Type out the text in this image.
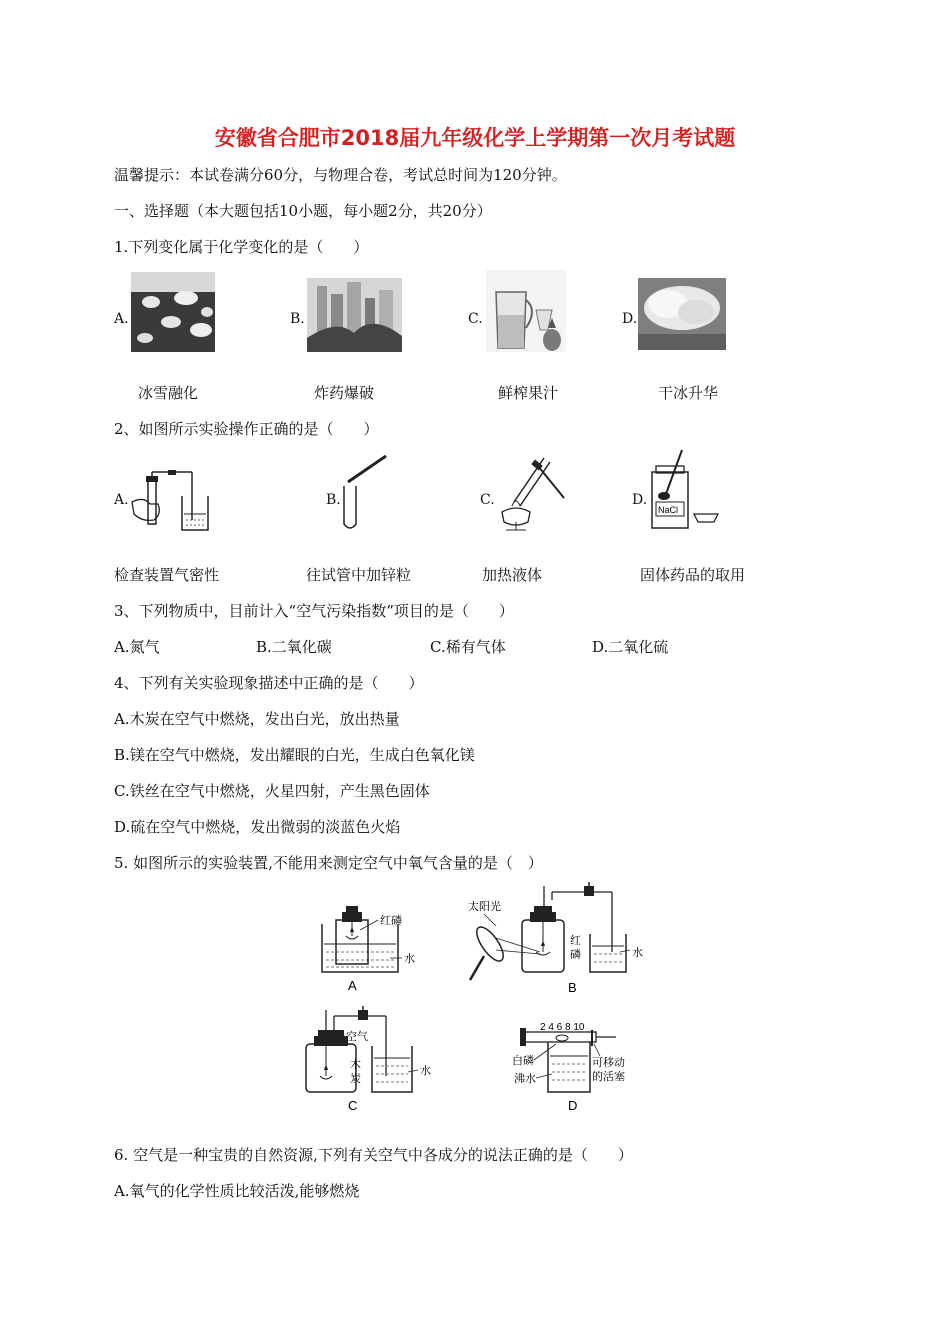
安徽省合肥市2018届九年级化学上学期第一次月考试题
温馨提示：本试卷满分60分，与物理合卷，考试总时间为120分钟。
一、选择题（本大题包括10小题，每小题2分，共20分）
1.下列变化属于化学变化的是（　　）
A.
冰雪融化
B.
炸药爆破
C.
鲜榨果汁
D.
干冰升华
2、如图所示实验操作正确的是（　　）
A.
检查装置气密性
B.
往试管中加锌粒
C.
加热液体
D.
NaCl
固体药品的取用
3、下列物质中，目前计入“空气污染指数”项目的是（　　）
A.氮气	B.二氧化碳	C.稀有气体	D.二氧化硫
4、下列有关实验现象描述中正确的是（　　）
A.木炭在空气中燃烧，发出白光，放出热量
B.镁在空气中燃烧，发出耀眼的白光，生成白色氧化镁
C.铁丝在空气中燃烧，火星四射，产生黑色固体
D.硫在空气中燃烧，发出微弱的淡蓝色火焰
5. 如图所示的实验装置,不能用来测定空气中氧气含量的是（　）
红磷
水
A
太阳光
红
磷	水
B
空气
木
炭
水
C
2 4 6 8 10
白磷
沸水
可移动
的活塞
D
6. 空气是一种宝贵的自然资源,下列有关空气中各成分的说法正确的是（　　）
A.氧气的化学性质比较活泼,能够燃烧
